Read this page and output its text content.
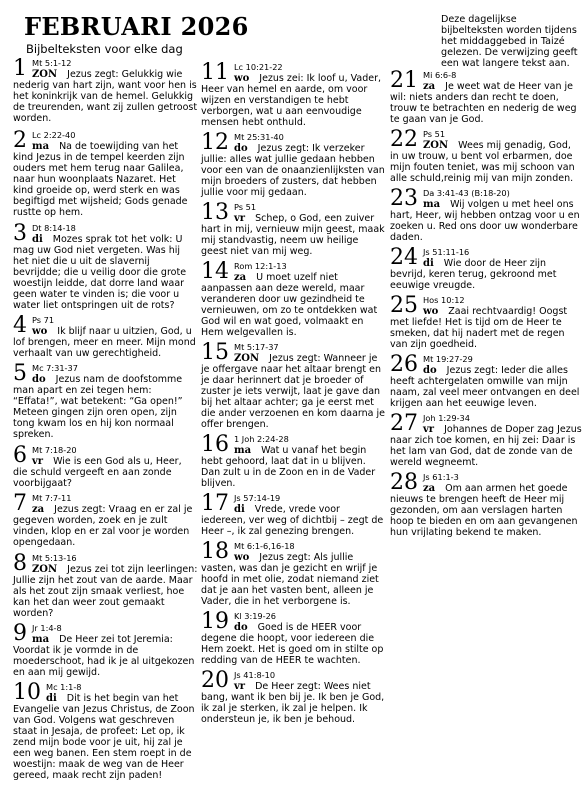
FEBRUARI 2026
Bijbelteksten voor elke dag
Deze dagelijkse bijbelteksten worden tijdens het middaggebed in Taizé gelezen. De verwijzing geeft een wat langere tekst aan.
1 Mt 5:1-12
ZON Jezus zegt: Gelukkig wie nederig van hart zijn, want voor hen is het koninkrijk van de hemel. Gelukkig de treurenden, want zij zullen getroost worden.
2 Lc 2:22-40
ma Na de toewijding van het kind Jezus in de tempel keerden zijn ouders met hem terug naar Galilea, naar hun woonplaats Nazaret. Het kind groeide op, werd sterk en was begiftigd met wijsheid; Gods genade rustte op hem.
3 Dt 8:14-18
di Mozes sprak tot het volk: U mag uw God niet vergeten. Was hij het niet die u uit de slavernij bevrijdde; die u veilig door die grote woestijn leidde, dat dorre land waar geen water te vinden is; die voor u water liet ontspringen uit de rots?
4 Ps 71
wo Ik blijf naar u uitzien, God, u lof brengen, meer en meer. Mijn mond verhaalt van uw gerechtigheid.
5 Mc 7:31-37
do Jezus nam de doofstomme man apart en zei tegen hem: “Effata!”, wat betekent: “Ga open!” Meteen gingen zijn oren open, zijn tong kwam los en hij kon normaal spreken.
6 Mt 7:18-20
vr Wie is een God als u, Heer, die schuld vergeeft en aan zonde voorbijgaat?
7 Mt 7:7-11
za Jezus zegt: Vraag en er zal je gegeven worden, zoek en je zult vinden, klop en er zal voor je worden opengedaan.
8 Mt 5:13-16
ZON Jezus zei tot zijn leerlingen: Jullie zijn het zout van de aarde. Maar als het zout zijn smaak verliest, hoe kan het dan weer zout gemaakt worden?
9 Jr 1:4-8
ma De Heer zei tot Jeremia: Voordat ik je vormde in de moederschoot, had ik je al uitgekozen en aan mij gewijd.
10 Mc 1:1-8
di Dit is het begin van het Evangelie van Jezus Christus, de Zoon van God. Volgens wat geschreven staat in Jesaja, de profeet: Let op, ik zend mijn bode voor je uit, hij zal je een weg banen. Een stem roept in de woestijn: maak de weg van de Heer gereed, maak recht zijn paden!
11 Lc 10:21-22
wo Jezus zei: Ik loof u, Vader, Heer van hemel en aarde, om voor wijzen en verstandigen te hebt verborgen, wat u aan eenvoudige mensen hebt onthuld.
12 Mt 25:31-40
do Jezus zegt: Ik verzeker jullie: alles wat jullie gedaan hebben voor een van de onaanzienlijksten van mijn broeders of zusters, dat hebben jullie voor mij gedaan.
13 Ps 51
vr Schep, o God, een zuiver hart in mij, vernieuw mijn geest, maak mij standvastig, neem uw heilige geest niet van mij weg.
14 Rom 12:1-13
za U moet uzelf niet aanpassen aan deze wereld, maar veranderen door uw gezindheid te vernieuwen, om zo te ontdekken wat God wil en wat goed, volmaakt en Hem welgevallen is.
15 Mt 5:17-37
ZON Jezus zegt: Wanneer je je offergave naar het altaar brengt en je daar herinnert dat je broeder of zuster je iets verwijt, laat je gave dan bij het altaar achter; ga je eerst met die ander verzoenen en kom daarna je offer brengen.
16 1 Joh 2:24-28
ma Wat u vanaf het begin hebt gehoord, laat dat in u blijven. Dan zult u in de Zoon en in de Vader blijven.
17 Js 57:14-19
di Vrede, vrede voor iedereen, ver weg of dichtbij – zegt de Heer –, ik zal genezing brengen.
18 Mt 6:1-6,16-18
wo Jezus zegt: Als jullie vasten, was dan je gezicht en wrijf je hoofd in met olie, zodat niemand ziet dat je aan het vasten bent, alleen je Vader, die in het verborgene is.
19 Kl 3:19-26
do Goed is de HEER voor degene die hoopt, voor iedereen die Hem zoekt. Het is goed om in stilte op redding van de HEER te wachten.
20 Js 41:8-10
vr De Heer zegt: Wees niet bang, want ik ben bij je. Ik ben je God, ik zal je sterken, ik zal je helpen. Ik ondersteun je, ik ben je behoud.
21 Mi 6:6-8
za Je weet wat de Heer van je wil: niets anders dan recht te doen, trouw te betrachten en nederig de weg te gaan van je God.
22 Ps 51
ZON Wees mij genadig, God, in uw trouw, u bent vol erbarmen, doe mijn fouten teniet, was mij schoon van alle schuld,reinig mij van mijn zonden.
23 Da 3:41-43 (B:18-20)
ma Wij volgen u met heel ons hart, Heer, wij hebben ontzag voor u en zoeken u. Red ons door uw wonderbare daden.
24 Js 51:11-16
di Wie door de Heer zijn bevrijd, keren terug, gekroond met eeuwige vreugde.
25 Hos 10:12
wo Zaai rechtvaardig! Oogst met liefde! Het is tijd om de Heer te smeken, dat hij nadert met de regen van zijn goedheid.
26 Mt 19:27-29
do Jezus zegt: Ieder die alles heeft achtergelaten omwille van mijn naam, zal veel meer ontvangen en deel krijgen aan het eeuwige leven.
27 Joh 1:29-34
vr Johannes de Doper zag Jezus naar zich toe komen, en hij zei: Daar is het lam van God, dat de zonde van de wereld wegneemt.
28 Js 61:1-3
za Om aan armen het goede nieuws te brengen heeft de Heer mij gezonden, om aan verslagen harten hoop te bieden en om aan gevangenen hun vrijlating bekend te maken.
